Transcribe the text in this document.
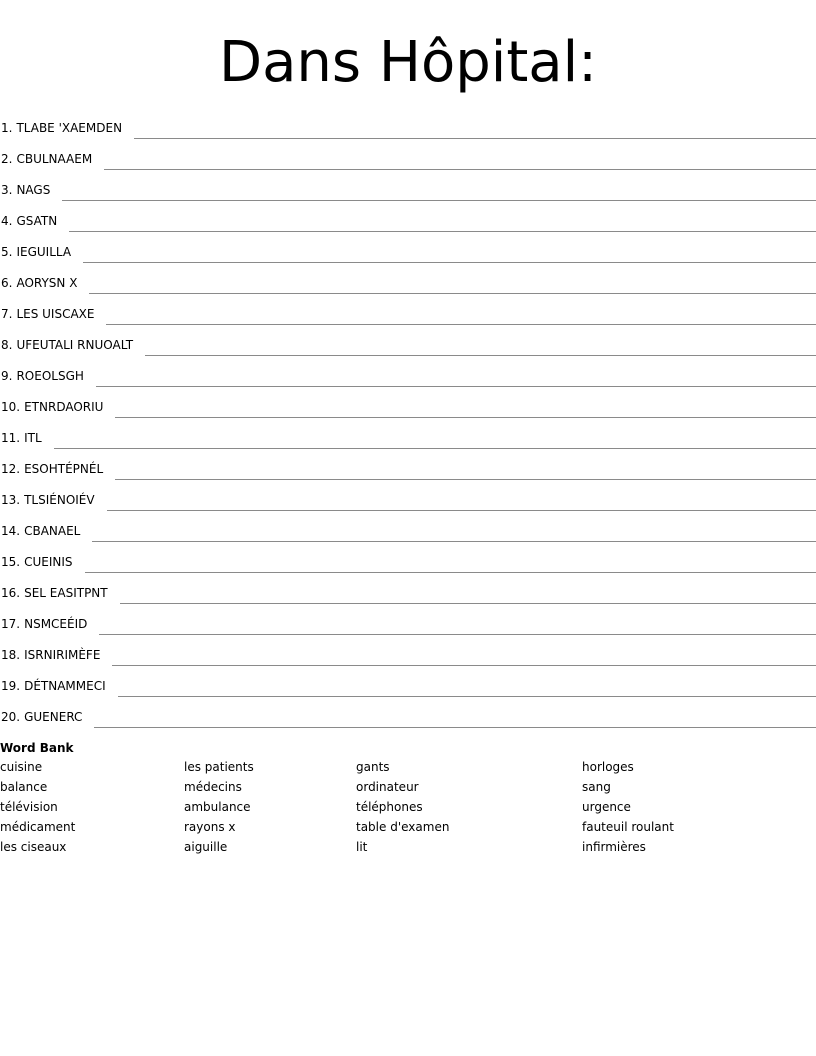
Dans Hôpital:
1. TLABE 'XAEMDEN
2. CBULNAAEM
3. NAGS
4. GSATN
5. IEGUILLA
6. AORYSN X
7. LES UISCAXE
8. UFEUTALI RNUOALT
9. ROEOLSGH
10. ETNRDAORIU
11. ITL
12. ESOHTÉPNÉL
13. TLSIÉNOIÉV
14. CBANAEL
15. CUEINIS
16. SEL EASITPNT
17. NSMCEÉID
18. ISRNIRIMÈFE
19. DÉTNAMMECI
20. GUENERC
Word Bank
cuisine
balance
télévision
médicament
les ciseaux
les patients
médecins
ambulance
rayons x
aiguille
gants
ordinateur
téléphones
table d'examen
lit
horloges
sang
urgence
fauteuil roulant
infirmières
